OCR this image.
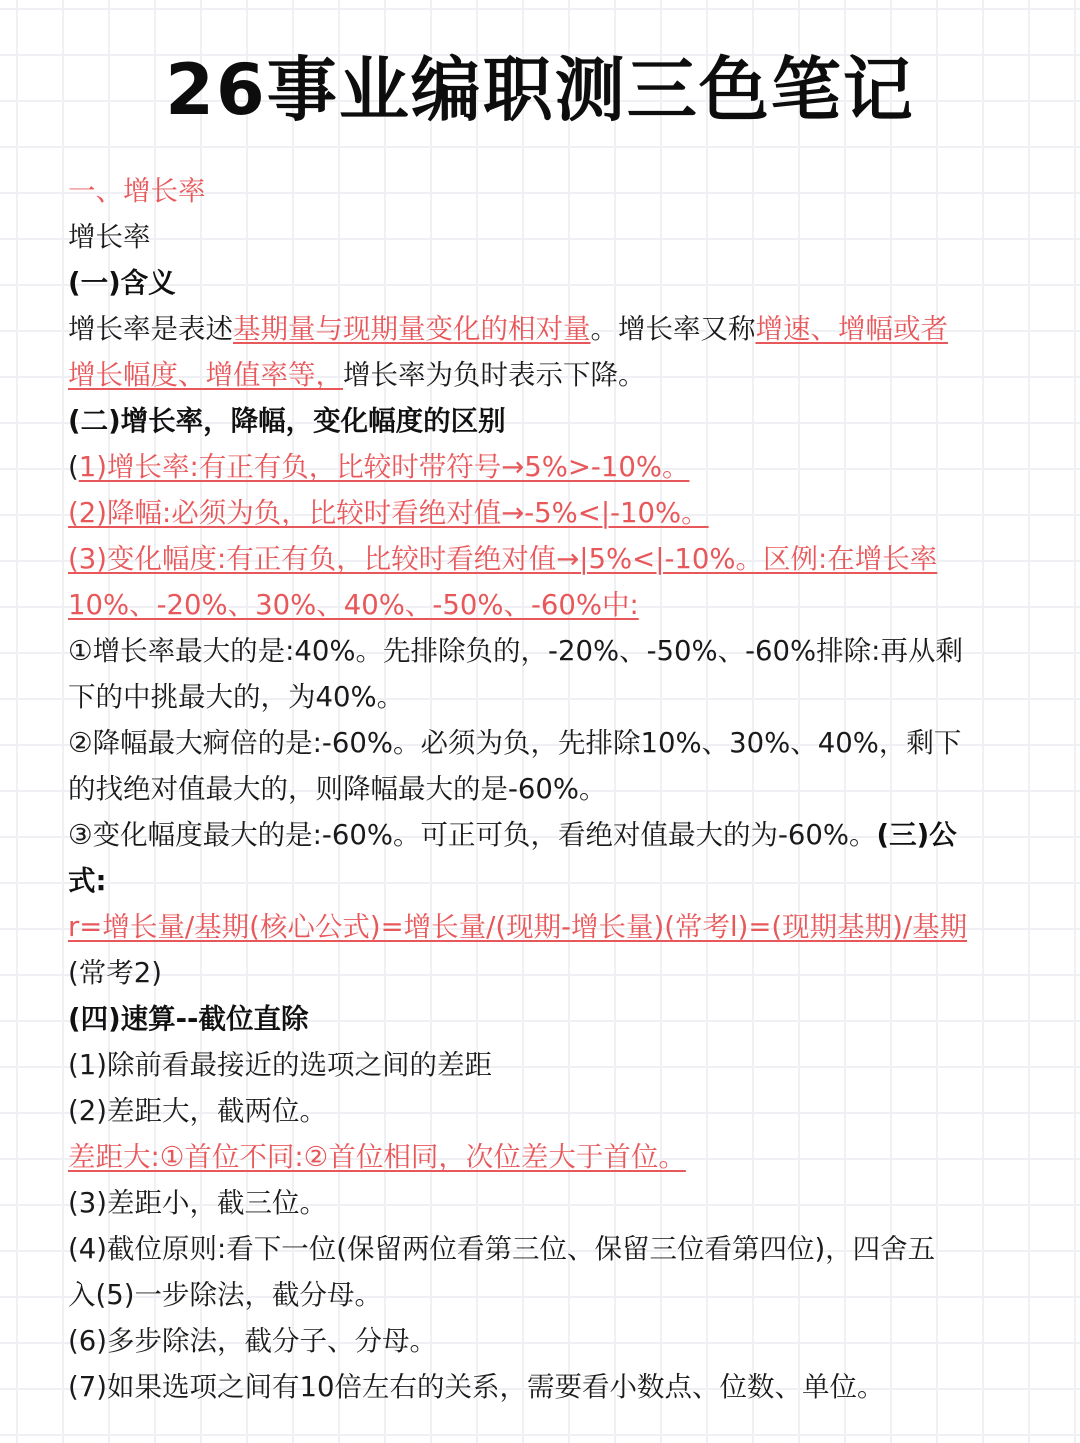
26事业编职测三色笔记
一、增长率
增长率
(一)含义
增长率是表述基期量与现期量变化的相对量。增长率又称增速、增幅或者
增长幅度、增值率等，增长率为负时表示下降。
(二)增长率，降幅，变化幅度的区别
(1)增长率:有正有负，比较时带符号→5%>-10%。
(2)降幅:必须为负，比较时看绝对值→-5%<|-10%。
(3)变化幅度:有正有负，比较时看绝对值→|5%<|-10%。区例:在增长率
10%、-20%、30%、40%、-50%、-60%中:
①增长率最大的是:40%。先排除负的，-20%、-50%、-60%排除:再从剩
下的中挑最大的，为40%。
②降幅最大痾倍的是:-60%。必须为负，先排除10%、30%、40%，剩下
的找绝对值最大的，则降幅最大的是-60%。
③变化幅度最大的是:-60%。可正可负，看绝对值最大的为-60%。(三)公
式:
r=增长量/基期(核心公式)=增长量/(现期-增长量)(常考l)=(现期基期)/基期
(常考2)
(四)速算--截位直除
(1)除前看最接近的选项之间的差距
(2)差距大，截两位。
差距大:①首位不同:②首位相同，次位差大于首位。
(3)差距小，截三位。
(4)截位原则:看下一位(保留两位看第三位、保留三位看第四位)，四舍五
入(5)一步除法，截分母。
(6)多步除法，截分子、分母。
(7)如果选项之间有10倍左右的关系，需要看小数点、位数、单位。
